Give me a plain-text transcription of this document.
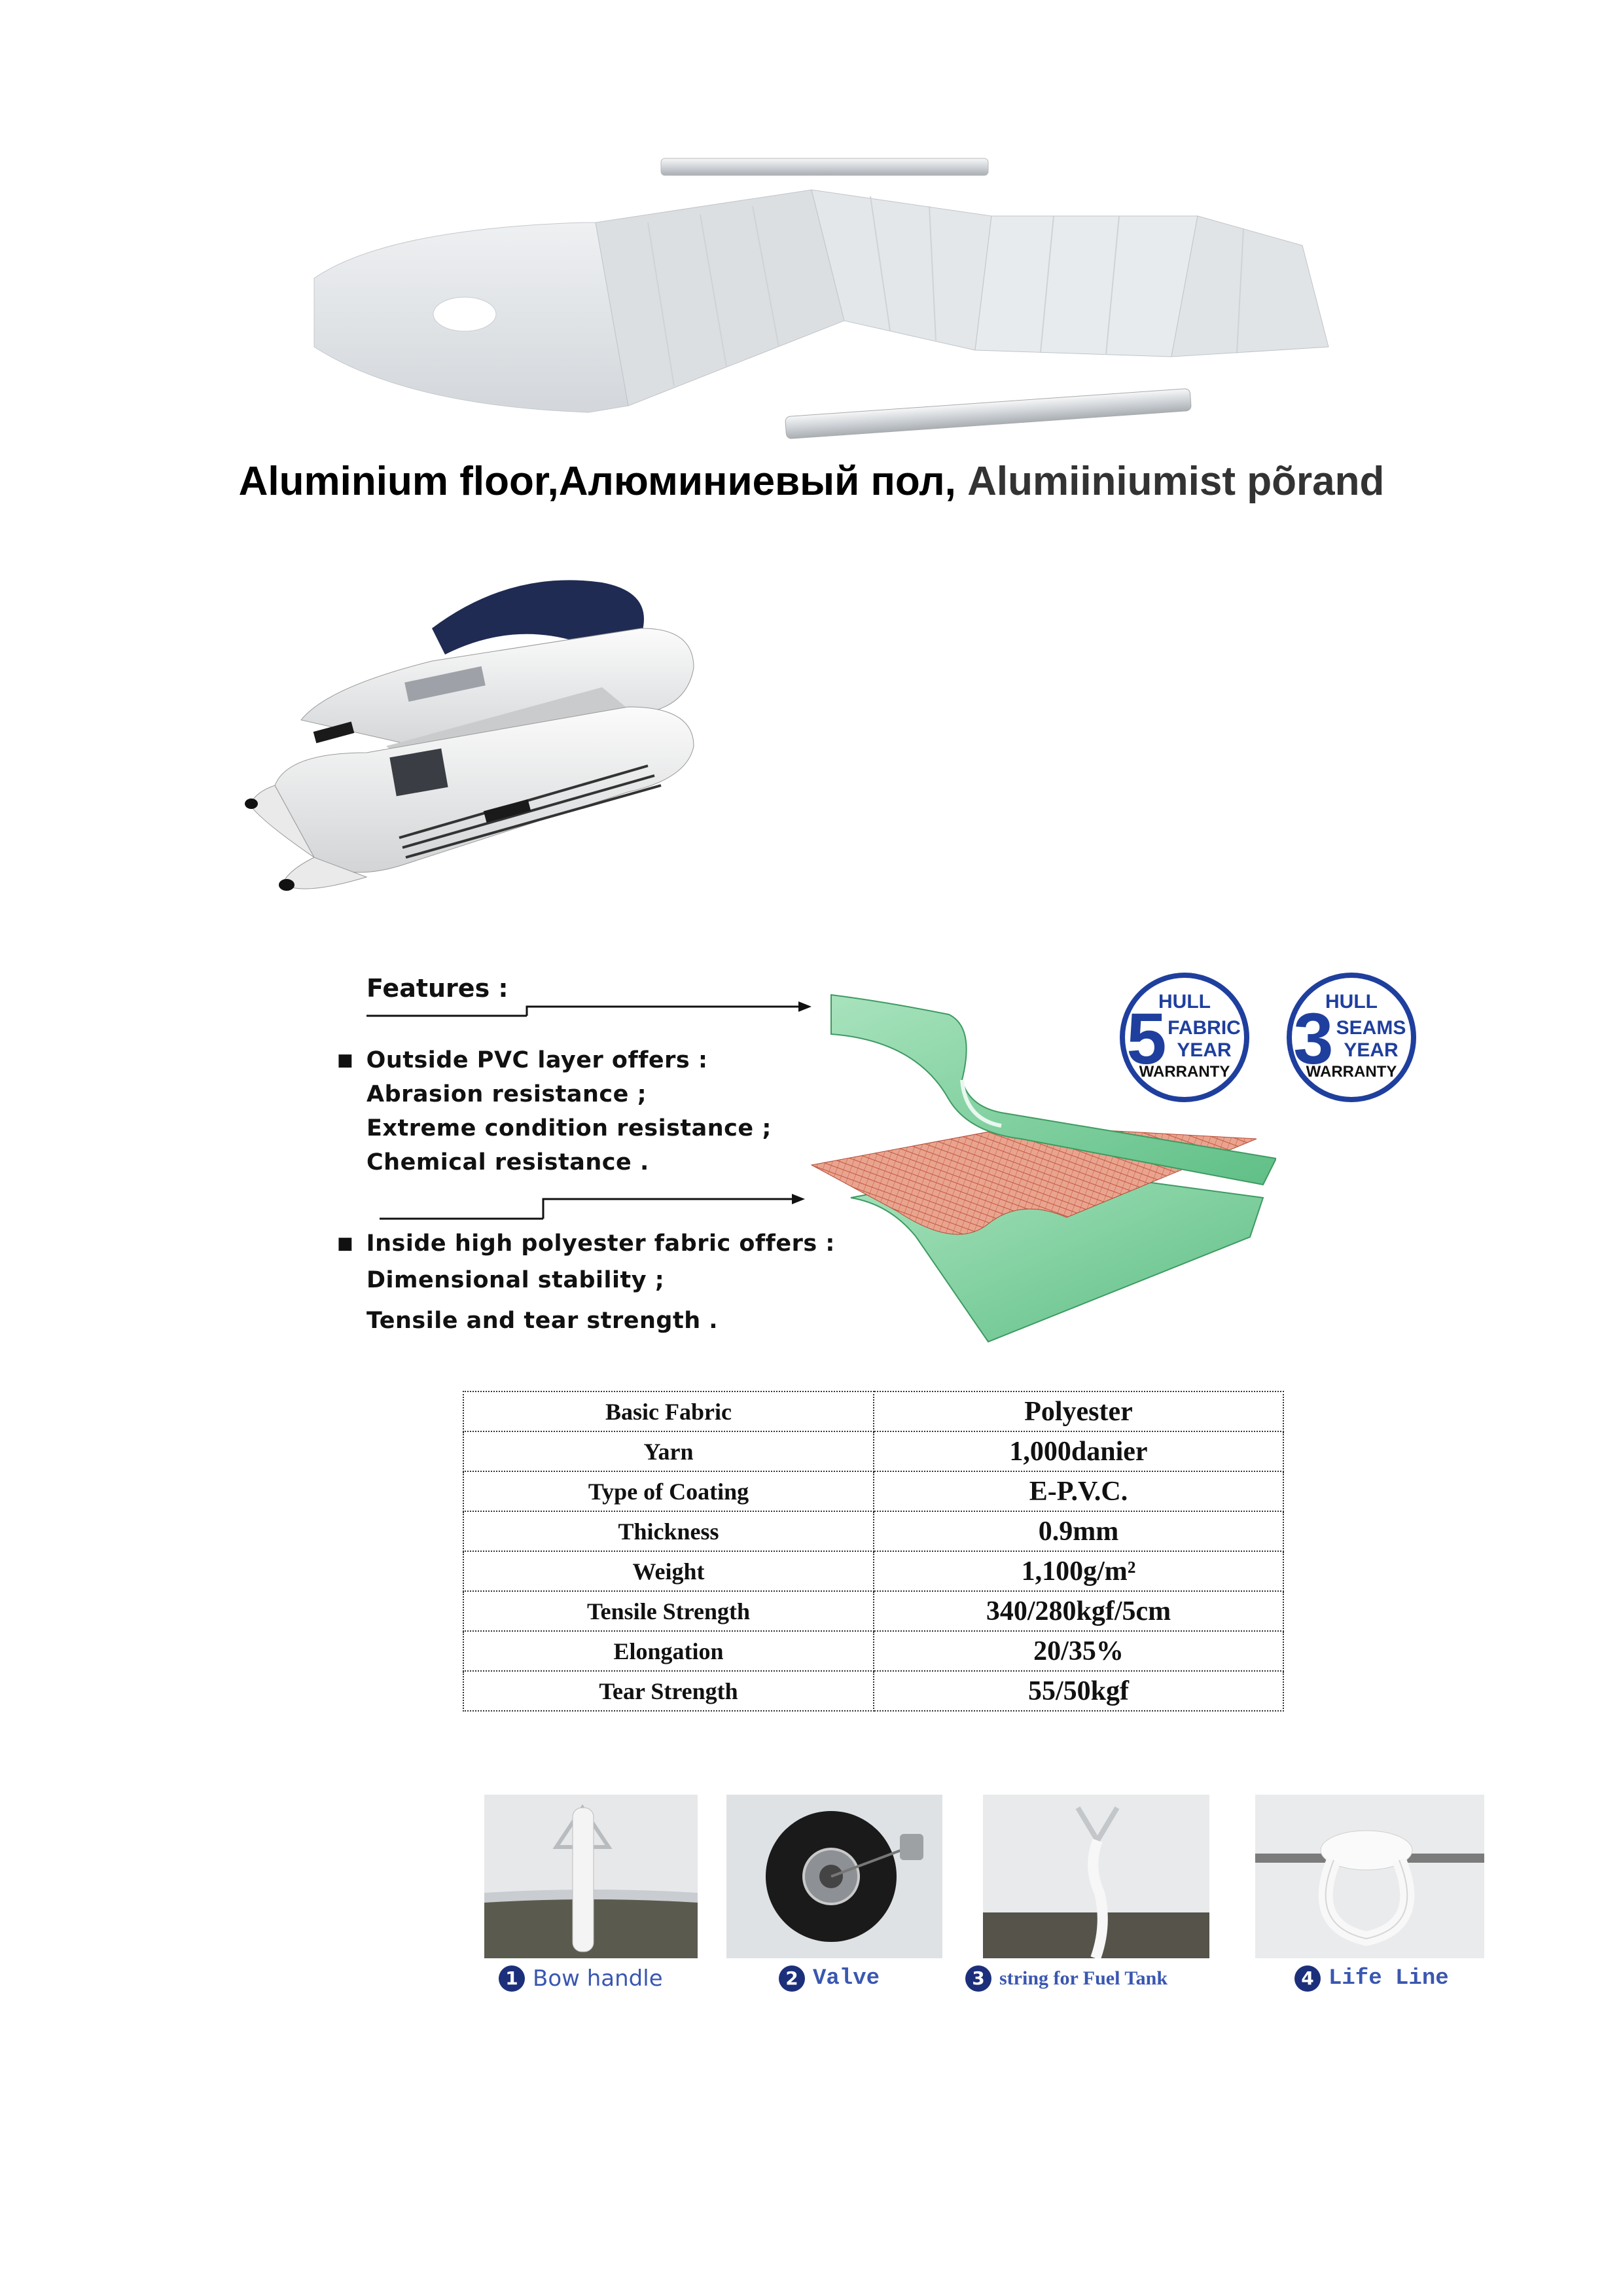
Aluminium floor,Алюминиевый пол, Alumiiniumist põrand
Features :
■ Outside PVC layer offers :
Abrasion resistance ;
Extreme condition resistance ;
Chemical resistance .
■ Inside high polyester fabric offers :
Dimensional stability ;
Tensile and tear strength .
HULL
5 FABRIC
YEAR
WARRANTY
HULL
3 SEAMS
YEAR
WARRANTY
Basic Fabric	Polyester
Yarn	1,000danier
Type of Coating	E-P.V.C.
Thickness	0.9mm
Weight	1,100g/m²
Tensile Strength	340/280kgf/5cm
Elongation	20/35%
Tear Strength	55/50kgf
1 Bow handle	2 Valve	3 string for Fuel Tank	4 Life Line
